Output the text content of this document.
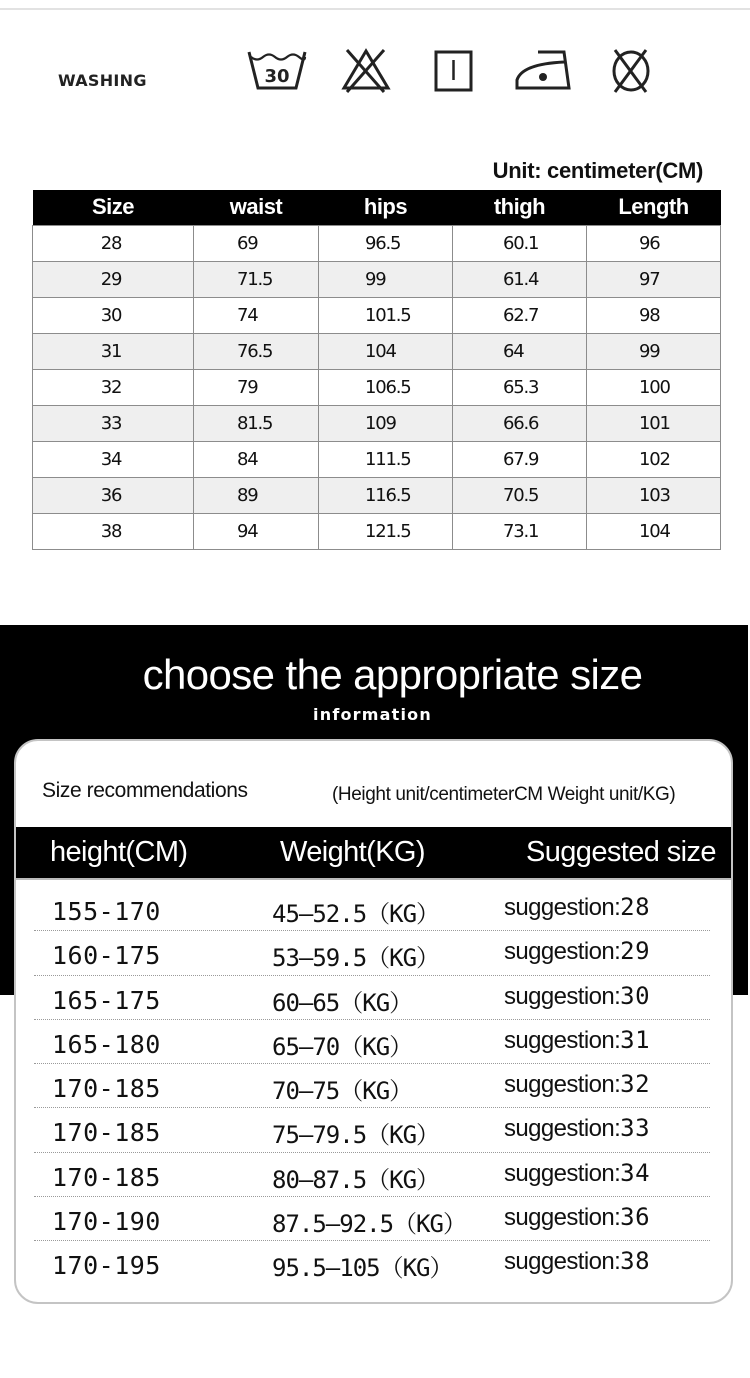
WASHING	30
Unit: centimeter(CM)
Size	waist	hips	thigh	Length
28	69	96.5	60.1	96
29	71.5	99	61.4	97
30	74	101.5	62.7	98
31	76.5	104	64	99
32	79	106.5	65.3	100
33	81.5	109	66.6	101
34	84	111.5	67.9	102
36	89	116.5	70.5	103
38	94	121.5	73.1	104
choose the appropriate size
information
Size recommendations	(Height unit/centimeterCM Weight unit/KG)
height(CM)	Weight(KG)	Suggested size
155-170	45–52.5（KG）	suggestion:28
160-175	53–59.5（KG）	suggestion:29
165-175	60–65（KG）	suggestion:30
165-180	65–70（KG）	suggestion:31
170-185	70–75（KG）	suggestion:32
170-185	75–79.5（KG）	suggestion:33
170-185	80–87.5（KG）	suggestion:34
170-190	87.5–92.5（KG） suggestion:36
170-195	95.5–105（KG） suggestion:38
